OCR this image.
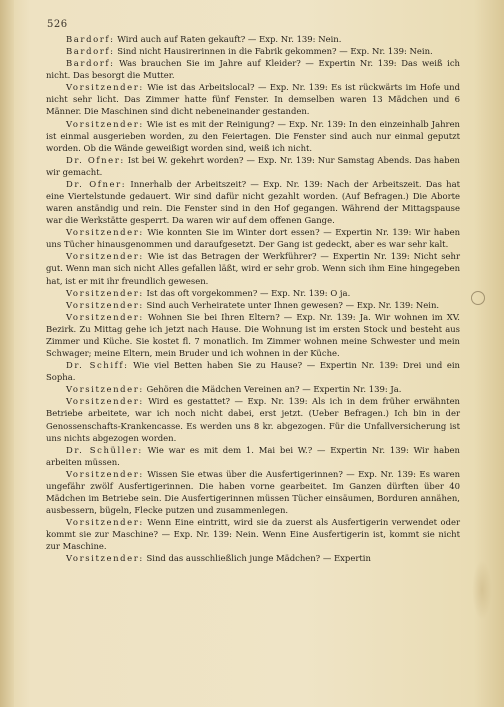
526

Bardorf: Wird auch auf Raten gekauft? — Exp. Nr. 139: Nein.

Bardorf: Sind nicht Hausirerinnen in die Fabrik gekommen? — Exp. Nr. 139: Nein.

Bardorf: Was brauchen Sie im Jahre auf Kleider? — Expertin Nr. 139: Das weiß ich nicht. Das besorgt die Mutter.

Vorsitzender: Wie ist das Arbeitslocal? — Exp. Nr. 139: Es ist rückwärts im Hofe und nicht sehr licht. Das Zimmer hatte fünf Fenster. In demselben waren 13 Mädchen und 6 Männer. Die Maschinen sind dicht nebeneinander gestanden.

Vorsitzender: Wie ist es mit der Reinigung? — Exp. Nr. 139: In den einzeinhalb Jahren ist einmal ausgerieben worden, zu den Feiertagen. Die Fenster sind auch nur einmal geputzt worden. Ob die Wände geweißigt worden sind, weiß ich nicht.

Dr. Ofner: Ist bei W. gekehrt worden? — Exp. Nr. 139: Nur Samstag Abends. Das haben wir gemacht.

Dr. Ofner: Innerhalb der Arbeitszeit? — Exp. Nr. 139: Nach der Arbeitszeit. Das hat eine Viertelstunde gedauert. Wir sind dafür nicht gezahlt worden. (Auf Befragen.) Die Aborte waren anständig und rein. Die Fenster sind in den Hof gegangen. Während der Mittagspause war die Werkstätte gesperrt. Da waren wir auf dem offenen Gange.

Vorsitzender: Wie konnten Sie im Winter dort essen? — Expertin Nr. 139: Wir haben uns Tücher hinausgenommen und daraufgesetzt. Der Gang ist gedeckt, aber es war sehr kalt.

Vorsitzender: Wie ist das Betragen der Werkführer? — Expertin Nr. 139: Nicht sehr gut. Wenn man sich nicht Alles gefallen läßt, wird er sehr grob. Wenn sich ihm Eine hingegeben hat, ist er mit ihr freundlich gewesen.

Vorsitzender: Ist das oft vorgekommen? — Exp. Nr. 139: O ja.

Vorsitzender: Sind auch Verheiratete unter Ihnen gewesen? — Exp. Nr. 139: Nein.

Vorsitzender: Wohnen Sie bei Ihren Eltern? — Exp. Nr. 139: Ja. Wir wohnen im XV. Bezirk. Zu Mittag gehe ich jetzt nach Hause. Die Wohnung ist im ersten Stock und besteht aus Zimmer und Küche. Sie kostet fl. 7 monatlich. Im Zimmer wohnen meine Schwester und mein Schwager; meine Eltern, mein Bruder und ich wohnen in der Küche.

Dr. Schiff: Wie viel Betten haben Sie zu Hause? — Expertin Nr. 139: Drei und ein Sopha.

Vorsitzender: Gehören die Mädchen Vereinen an? — Expertin Nr. 139: Ja.

Vorsitzender: Wird es gestattet? — Exp. Nr. 139: Als ich in dem früher erwähnten Betriebe arbeitete, war ich noch nicht dabei, erst jetzt. (Ueber Befragen.) Ich bin in der Genossenschafts-Krankencasse. Es werden uns 8 kr. abgezogen. Für die Unfallversicherung ist uns nichts abgezogen worden.

Dr. Schüller: Wie war es mit dem 1. Mai bei W.? — Expertin Nr. 139: Wir haben arbeiten müssen.

Vorsitzender: Wissen Sie etwas über die Ausfertigerinnen? — Exp. Nr. 139: Es waren ungefähr zwölf Ausfertigerinnen. Die haben vorne gearbeitet. Im Ganzen dürften über 40 Mädchen im Betriebe sein. Die Ausfertigerinnen müssen Tücher einsäumen, Borduren annähen, ausbessern, bügeln, Flecke putzen und zusammenlegen.

Vorsitzender: Wenn Eine eintritt, wird sie da zuerst als Ausfertigerin verwendet oder kommt sie zur Maschine? — Exp. Nr. 139: Nein. Wenn Eine Ausfertigerin ist, kommt sie nicht zur Maschine.

Vorsitzender: Sind das ausschließlich junge Mädchen? — Expertin
